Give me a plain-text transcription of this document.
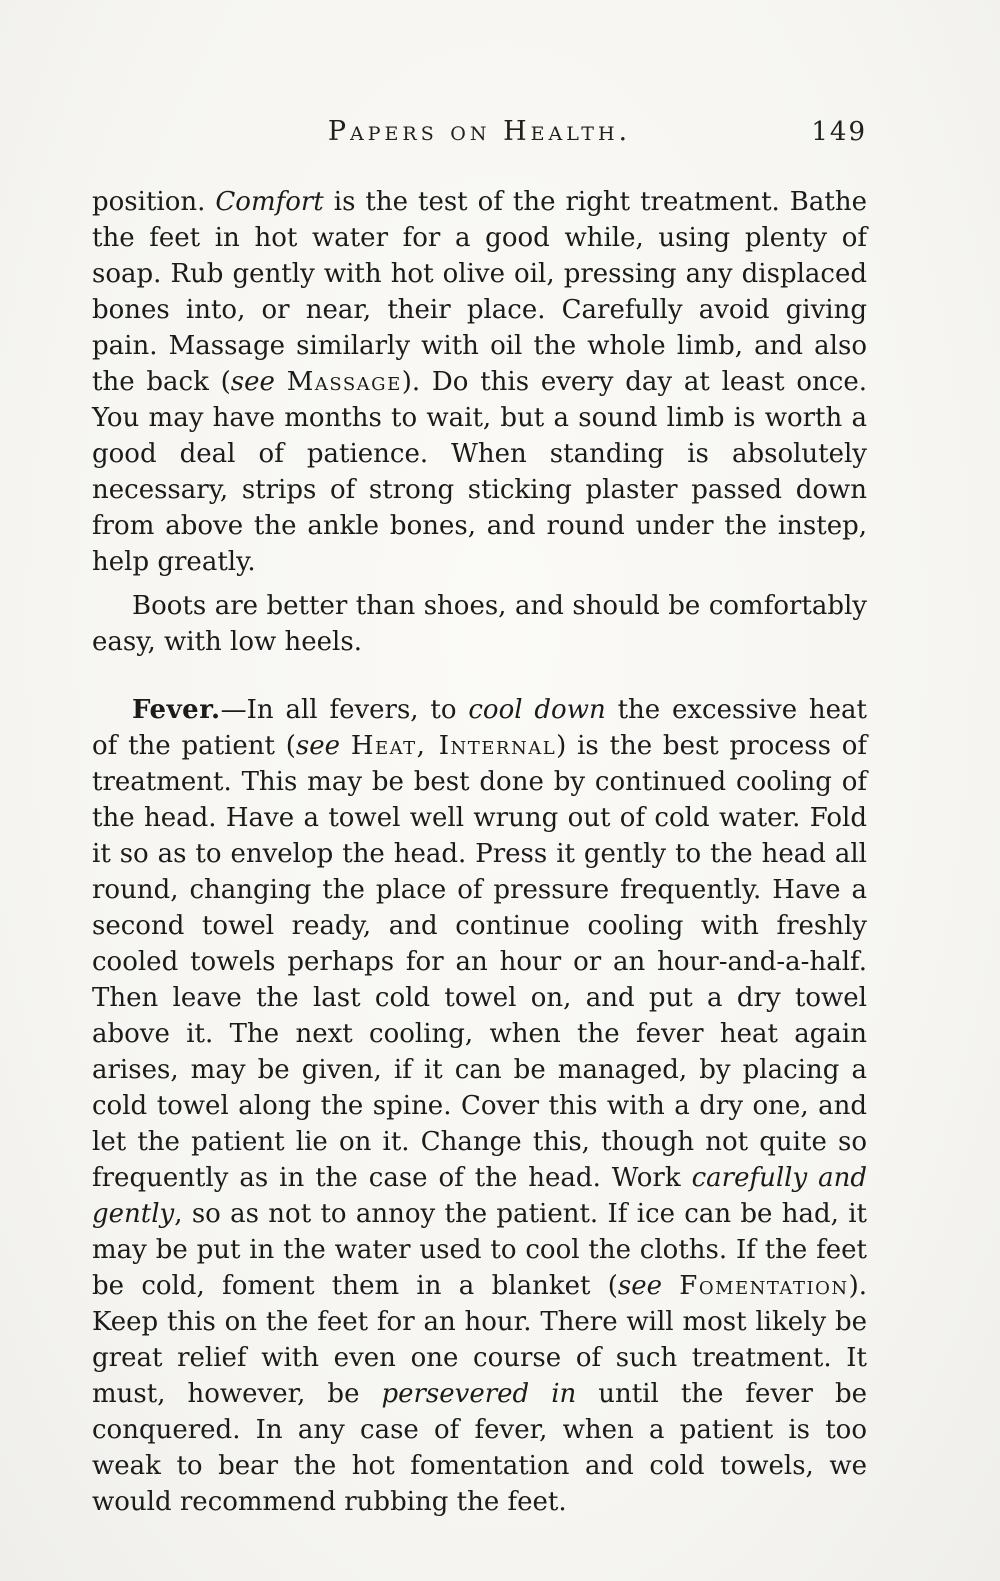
Papers on Health.	149

position. Comfort is the test of the right treatment. Bathe the feet in hot water for a good while, using plenty of soap. Rub gently with hot olive oil, pressing any displaced bones into, or near, their place. Carefully avoid giving pain. Massage similarly with oil the whole limb, and also the back (see Massage). Do this every day at least once. You may have months to wait, but a sound limb is worth a good deal of patience. When standing is absolutely necessary, strips of strong sticking plaster passed down from above the ankle bones, and round under the instep, help greatly.

Boots are better than shoes, and should be comfortably easy, with low heels.

Fever.—In all fevers, to cool down the excessive heat of the patient (see Heat, Internal) is the best process of treatment. This may be best done by continued cooling of the head. Have a towel well wrung out of cold water. Fold it so as to envelop the head. Press it gently to the head all round, changing the place of pressure frequently. Have a second towel ready, and continue cooling with freshly cooled towels perhaps for an hour or an hour-and-a-half. Then leave the last cold towel on, and put a dry towel above it. The next cooling, when the fever heat again arises, may be given, if it can be managed, by placing a cold towel along the spine. Cover this with a dry one, and let the patient lie on it. Change this, though not quite so frequently as in the case of the head. Work carefully and gently, so as not to annoy the patient. If ice can be had, it may be put in the water used to cool the cloths. If the feet be cold, foment them in a blanket (see Fomentation). Keep this on the feet for an hour. There will most likely be great relief with even one course of such treatment. It must, however, be persevered in until the fever be conquered. In any case of fever, when a patient is too weak to bear the hot fomentation and cold towels, we would recommend rubbing the feet.
